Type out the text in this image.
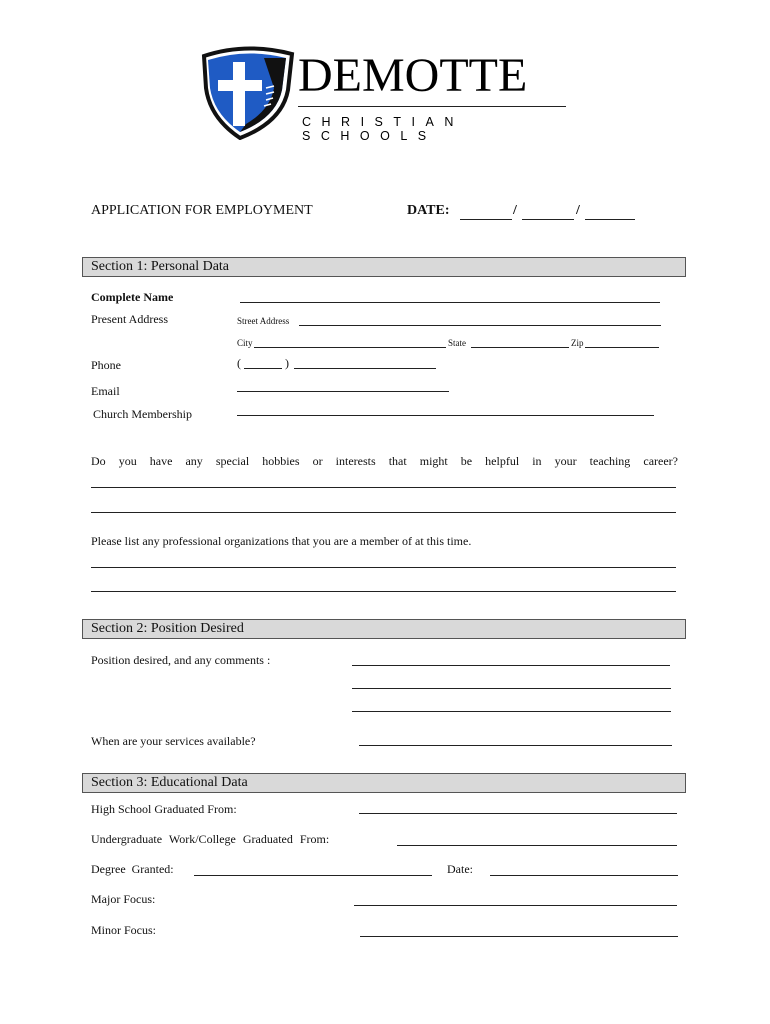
DEMOTTE
CHRISTIAN SCHOOLS
APPLICATION FOR EMPLOYMENT	DATE:	/	/
Section 1: Personal Data
Complete Name
Present Address	Street Address
City	State	Zip
Phone	(	)
Email
Church Membership
Do you have any special hobbies or interests that might be helpful in your teaching career?
Please list any professional organizations that you are a member of at this time.
Section 2: Position Desired
Position desired, and any comments :
When are your services available?
Section 3: Educational Data
High School Graduated From:
Undergraduate Work/College Graduated From:
Degree Granted:	Date:
Major Focus:
Minor Focus:
